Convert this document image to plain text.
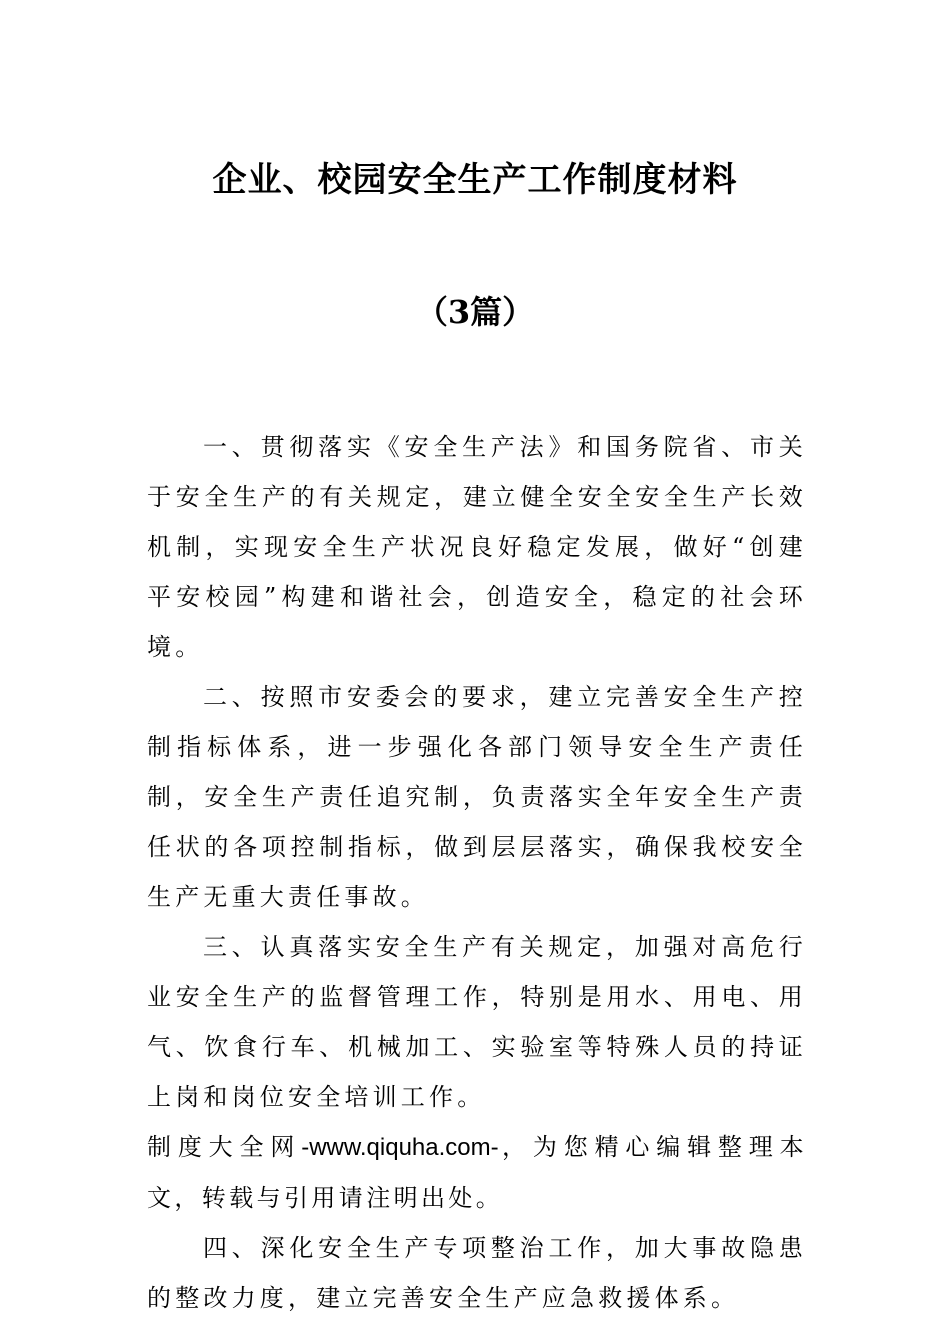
企业、校园安全生产工作制度材料
（3篇）

一、贯彻落实《安全生产法》和国务院省、市关于安全生产的有关规定，建立健全安全安全生产长效机制，实现安全生产状况良好稳定发展，做好“创建平安校园”构建和谐社会，创造安全，稳定的社会环境。

二、按照市安委会的要求，建立完善安全生产控制指标体系，进一步强化各部门领导安全生产责任制，安全生产责任追究制，负责落实全年安全生产责任状的各项控制指标，做到层层落实，确保我校安全生产无重大责任事故。

三、认真落实安全生产有关规定，加强对高危行业安全生产的监督管理工作，特别是用水、用电、用气、饮食行车、机械加工、实验室等特殊人员的持证上岗和岗位安全培训工作。

制度大全网-www.qiquha.com-，为您精心编辑整理本文，转载与引用请注明出处。

四、深化安全生产专项整治工作，加大事故隐患的整改力度，建立完善安全生产应急救援体系。
